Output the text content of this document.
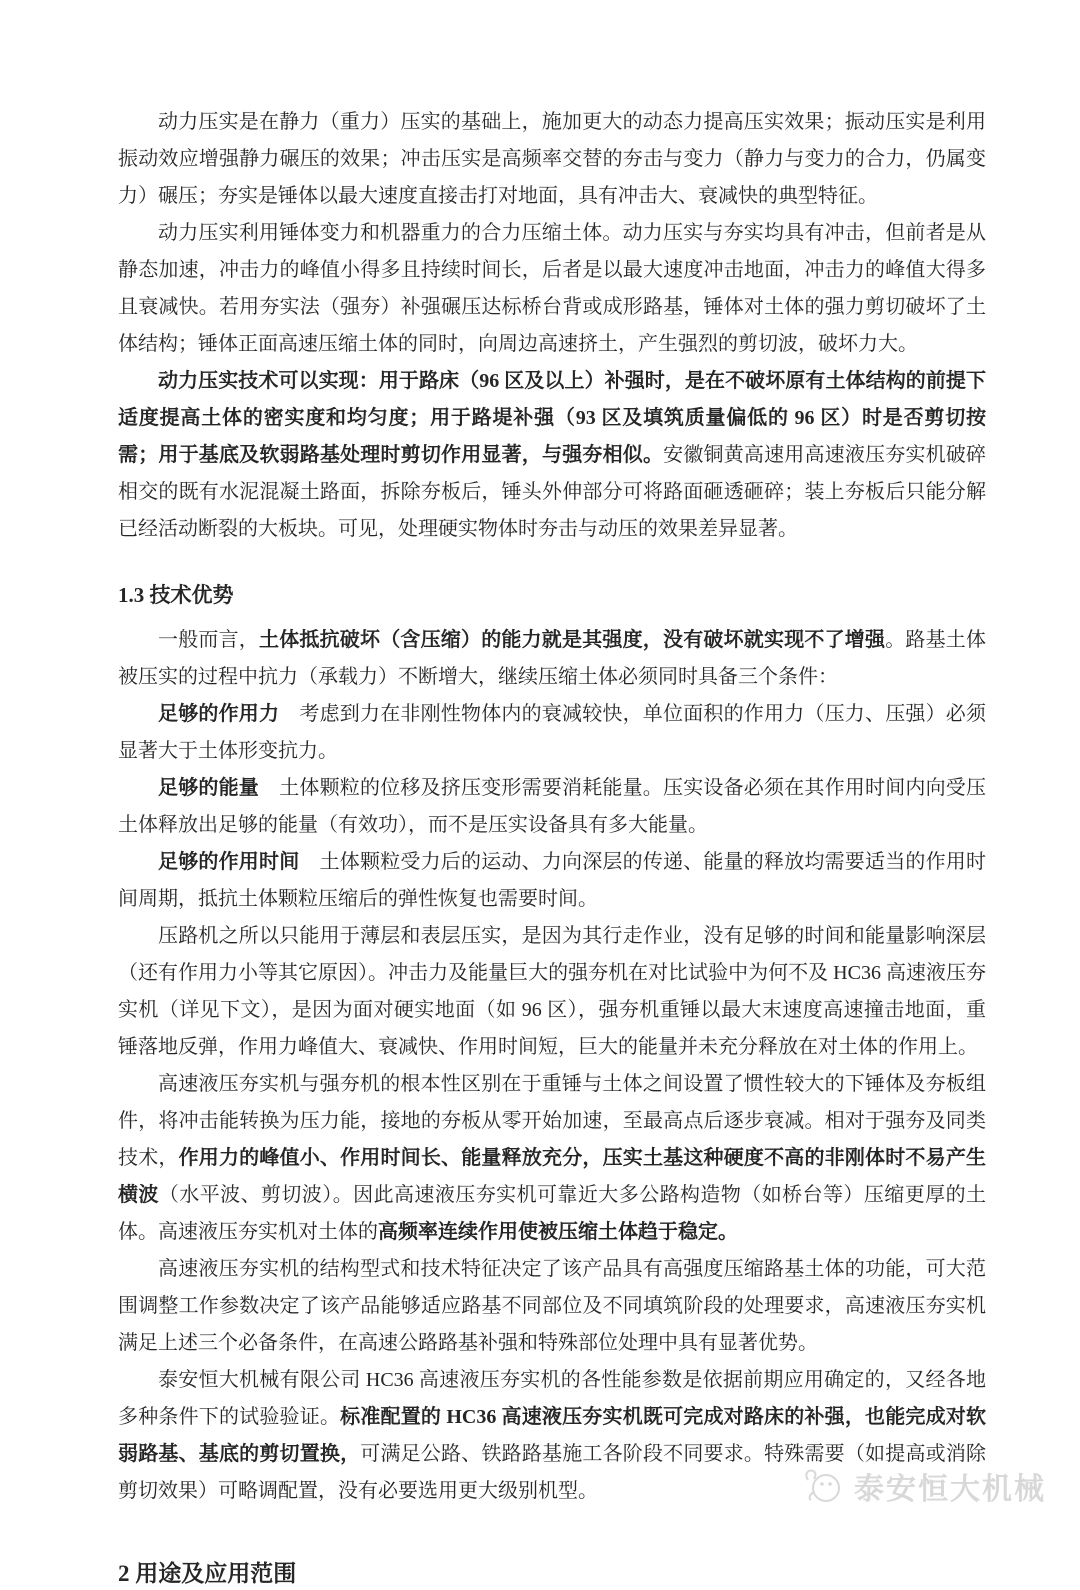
动力压实是在静力（重力）压实的基础上，施加更大的动态力提高压实效果；振动压实是利用振动效应增强静力碾压的效果；冲击压实是高频率交替的夯击与变力（静力与变力的合力，仍属变力）碾压；夯实是锤体以最大速度直接击打对地面，具有冲击大、衰减快的典型特征。

动力压实利用锤体变力和机器重力的合力压缩土体。动力压实与夯实均具有冲击，但前者是从静态加速，冲击力的峰值小得多且持续时间长，后者是以最大速度冲击地面，冲击力的峰值大得多且衰减快。若用夯实法（强夯）补强碾压达标桥台背或成形路基，锤体对土体的强力剪切破坏了土体结构；锤体正面高速压缩土体的同时，向周边高速挤土，产生强烈的剪切波，破坏力大。

动力压实技术可以实现：用于路床（96 区及以上）补强时，是在不破坏原有土体结构的前提下适度提高土体的密实度和均匀度；用于路堤补强（93 区及填筑质量偏低的 96 区）时是否剪切按需；用于基底及软弱路基处理时剪切作用显著，与强夯相似。安徽铜黄高速用高速液压夯实机破碎相交的既有水泥混凝土路面，拆除夯板后，锤头外伸部分可将路面砸透砸碎；装上夯板后只能分解已经活动断裂的大板块。可见，处理硬实物体时夯击与动压的效果差异显著。

1.3 技术优势

一般而言，土体抵抗破坏（含压缩）的能力就是其强度，没有破坏就实现不了增强。路基土体被压实的过程中抗力（承载力）不断增大，继续压缩土体必须同时具备三个条件：

足够的作用力　考虑到力在非刚性物体内的衰减较快，单位面积的作用力（压力、压强）必须显著大于土体形变抗力。

足够的能量　土体颗粒的位移及挤压变形需要消耗能量。压实设备必须在其作用时间内向受压土体释放出足够的能量（有效功），而不是压实设备具有多大能量。

足够的作用时间　土体颗粒受力后的运动、力向深层的传递、能量的释放均需要适当的作用时间周期，抵抗土体颗粒压缩后的弹性恢复也需要时间。

压路机之所以只能用于薄层和表层压实，是因为其行走作业，没有足够的时间和能量影响深层（还有作用力小等其它原因）。冲击力及能量巨大的强夯机在对比试验中为何不及 HC36 高速液压夯实机（详见下文），是因为面对硬实地面（如 96 区），强夯机重锤以最大末速度高速撞击地面，重锤落地反弹，作用力峰值大、衰减快、作用时间短，巨大的能量并未充分释放在对土体的作用上。

高速液压夯实机与强夯机的根本性区别在于重锤与土体之间设置了惯性较大的下锤体及夯板组件，将冲击能转换为压力能，接地的夯板从零开始加速，至最高点后逐步衰减。相对于强夯及同类技术，作用力的峰值小、作用时间长、能量释放充分，压实土基这种硬度不高的非刚体时不易产生横波（水平波、剪切波）。因此高速液压夯实机可靠近大多公路构造物（如桥台等）压缩更厚的土体。高速液压夯实机对土体的高频率连续作用使被压缩土体趋于稳定。

高速液压夯实机的结构型式和技术特征决定了该产品具有高强度压缩路基土体的功能，可大范围调整工作参数决定了该产品能够适应路基不同部位及不同填筑阶段的处理要求，高速液压夯实机满足上述三个必备条件，在高速公路路基补强和特殊部位处理中具有显著优势。

泰安恒大机械有限公司 HC36 高速液压夯实机的各性能参数是依据前期应用确定的，又经各地多种条件下的试验验证。标准配置的 HC36 高速液压夯实机既可完成对路床的补强，也能完成对软弱路基、基底的剪切置换，可满足公路、铁路路基施工各阶段不同要求。特殊需要（如提高或消除剪切效果）可略调配置，没有必要选用更大级别机型。

2 用途及应用范围
泰安恒大机械
